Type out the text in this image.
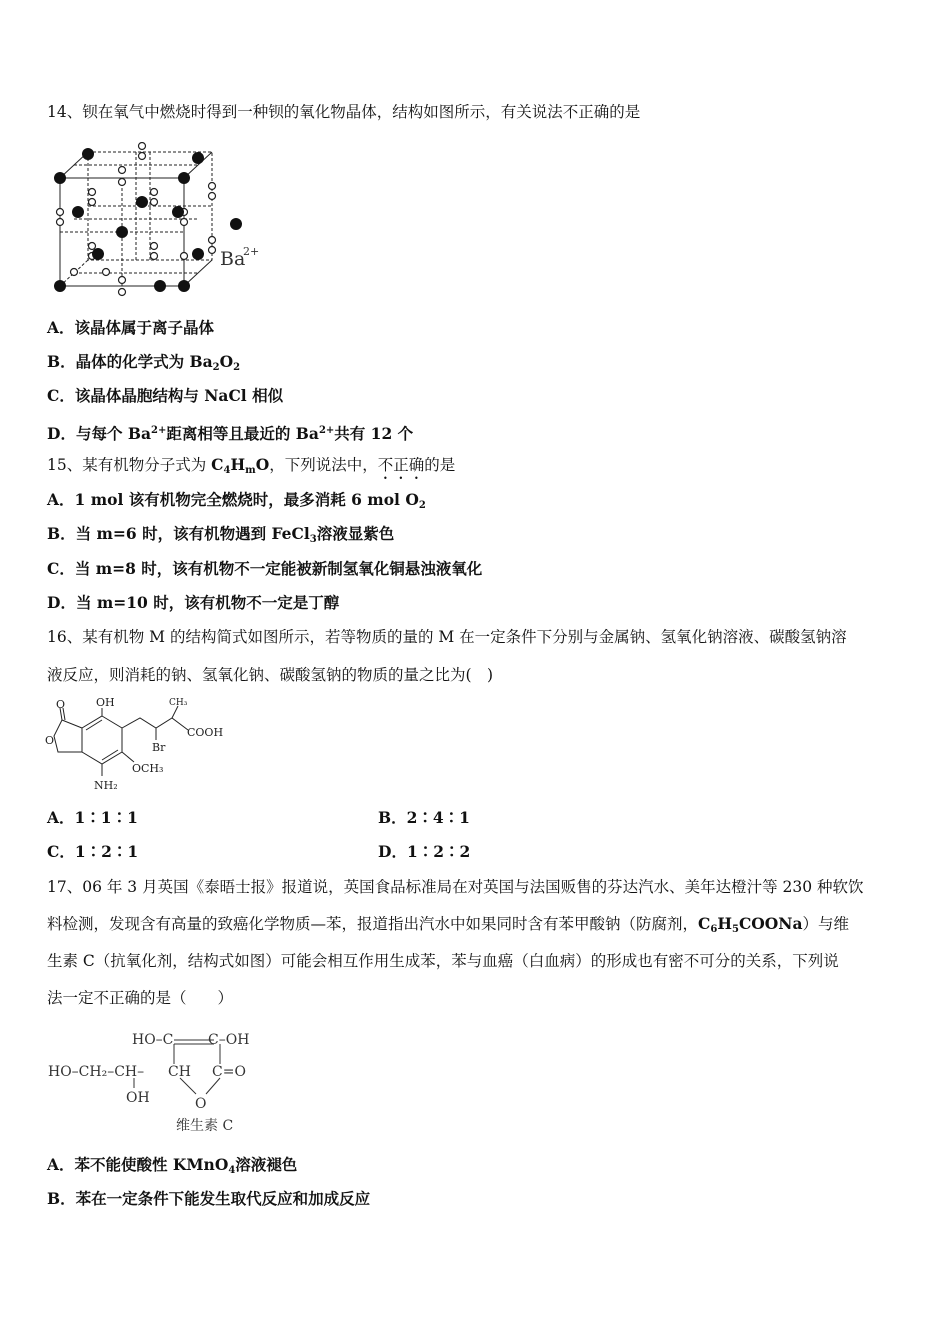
14、钡在氧气中燃烧时得到一种钡的氧化物晶体，结构如图所示，有关说法不正确的是
Ba
2+
A．该晶体属于离子晶体
B．晶体的化学式为 $Ba_2O_2$
C．该晶体晶胞结构与 NaCl 相似
D．与每个 $Ba^{2+}$距离相等且最近的 $Ba^{2+}$共有 12 个
15、某有机物分子式为 $C_4H_mO$，下列说法中，不正确的是
A．1 mol 该有机物完全燃烧时，最多消耗 6 mol $O_2$
B．当 m=6 时，该有机物遇到 FeCl$_3$溶液显紫色
C．当 m=8 时，该有机物不一定能被新制氢氧化铜悬浊液氧化
D．当 m=10 时，该有机物不一定是丁醇
16、某有机物 M 的结构简式如图所示，若等物质的量的 M 在一定条件下分别与金属钠、氢氧化钠溶液、碳酸氢钠溶
液反应，则消耗的钠、氢氧化钠、碳酸氢钠的物质的量之比为(　)
OH	CH₃
COOH
Br
OCH₃
NH₂
O
O
A．1∶1∶1	B．2∶4∶1
C．1∶2∶1	D．1∶2∶2
17、06 年 3 月英国《泰晤士报》报道说，英国食品标准局在对英国与法国贩售的芬达汽水、美年达橙汁等 230 种软饮
料检测，发现含有高量的致癌化学物质—苯，报道指出汽水中如果同时含有苯甲酸钠（防腐剂，$C_6H_5COONa$）与维
生素 C（抗氧化剂，结构式如图）可能会相互作用生成苯，苯与血癌（白血病）的形成也有密不可分的关系，下列说
法一定不正确的是（　　）
HO–C C–OH
HO–CH₂–CH– CH C=O
OH	O
维生素 C
A．苯不能使酸性 KMnO$_4$溶液褪色
B．苯在一定条件下能发生取代反应和加成反应
